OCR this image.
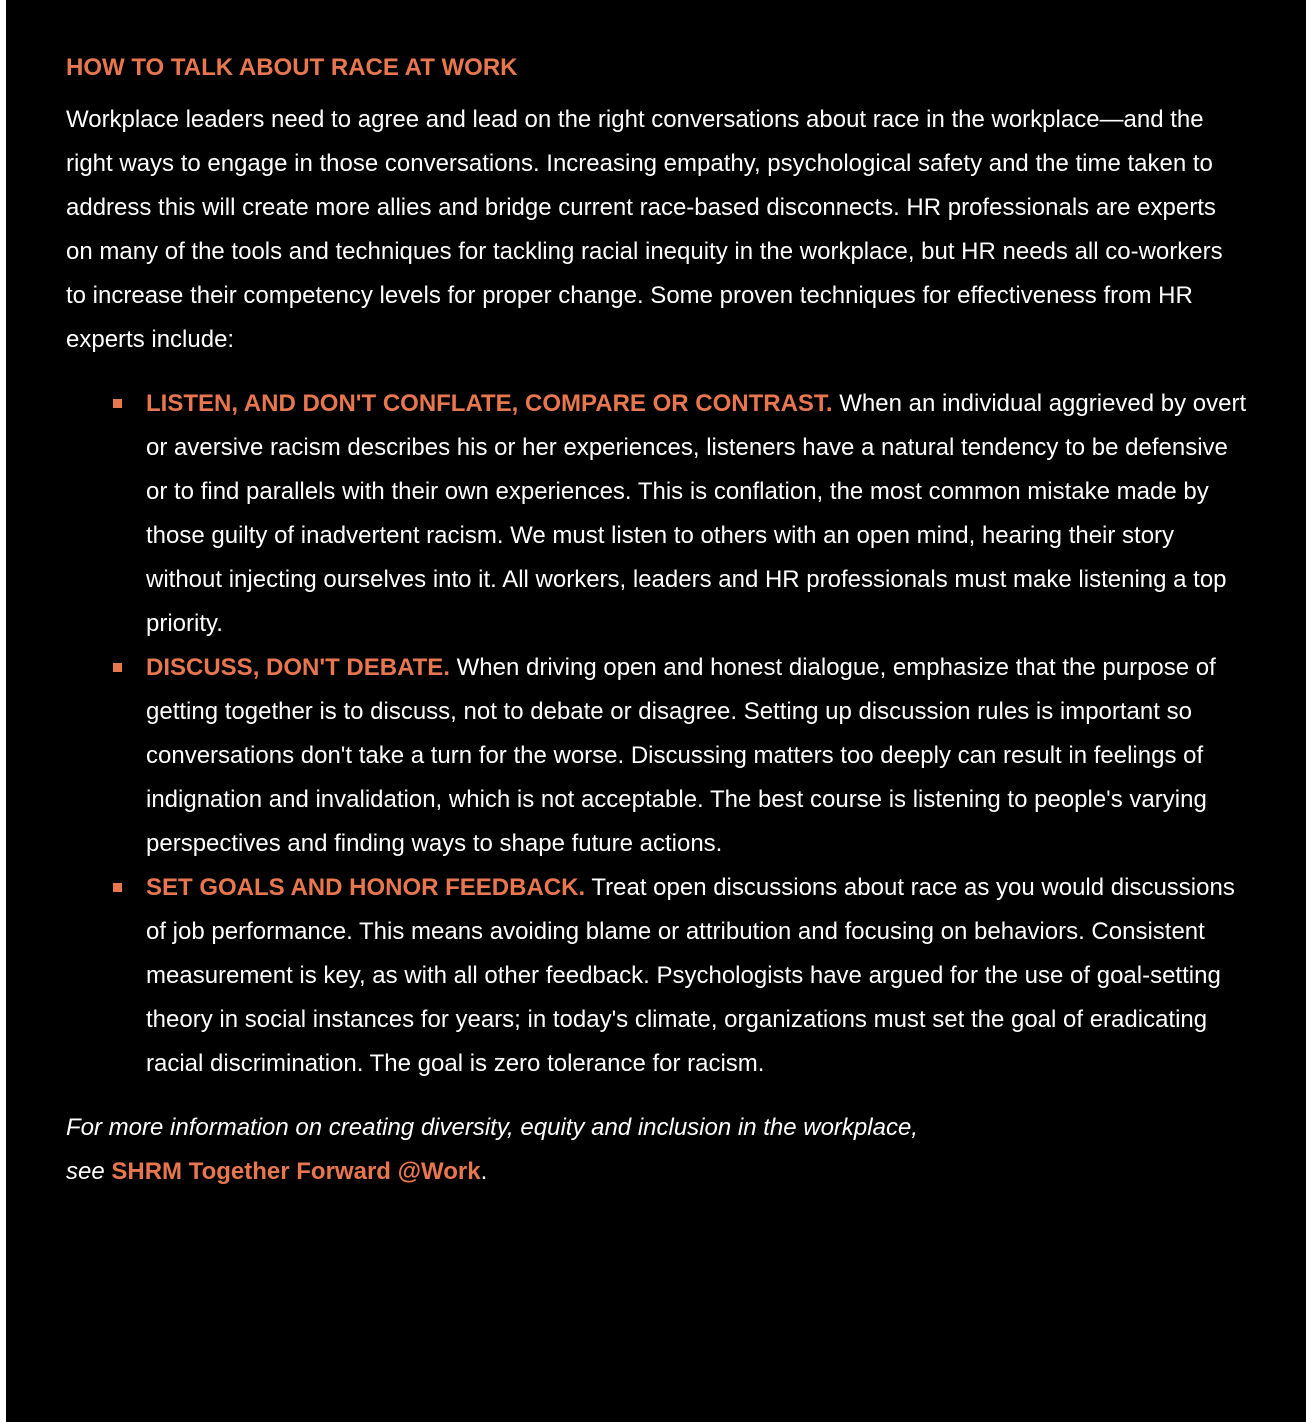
HOW TO TALK ABOUT RACE AT WORK

Workplace leaders need to agree and lead on the right conversations about race in the workplace—and the right ways to engage in those conversations. Increasing empathy, psychological safety and the time taken to address this will create more allies and bridge current race-based disconnects. HR professionals are experts on many of the tools and techniques for tackling racial inequity in the workplace, but HR needs all co-workers to increase their competency levels for proper change. Some proven techniques for effectiveness from HR experts include:

LISTEN, AND DON'T CONFLATE, COMPARE OR CONTRAST. When an individual aggrieved by overt or aversive racism describes his or her experiences, listeners have a natural tendency to be defensive or to find parallels with their own experiences. This is conflation, the most common mistake made by those guilty of inadvertent racism. We must listen to others with an open mind, hearing their story without injecting ourselves into it. All workers, leaders and HR professionals must make listening a top priority.
DISCUSS, DON'T DEBATE. When driving open and honest dialogue, emphasize that the purpose of getting together is to discuss, not to debate or disagree. Setting up discussion rules is important so conversations don't take a turn for the worse. Discussing matters too deeply can result in feelings of indignation and invalidation, which is not acceptable. The best course is listening to people's varying perspectives and finding ways to shape future actions.
SET GOALS AND HONOR FEEDBACK. Treat open discussions about race as you would discussions of job performance. This means avoiding blame or attribution and focusing on behaviors. Consistent measurement is key, as with all other feedback. Psychologists have argued for the use of goal-setting theory in social instances for years; in today's climate, organizations must set the goal of eradicating racial discrimination. The goal is zero tolerance for racism.

For more information on creating diversity, equity and inclusion in the workplace,
see SHRM Together Forward @Work.
